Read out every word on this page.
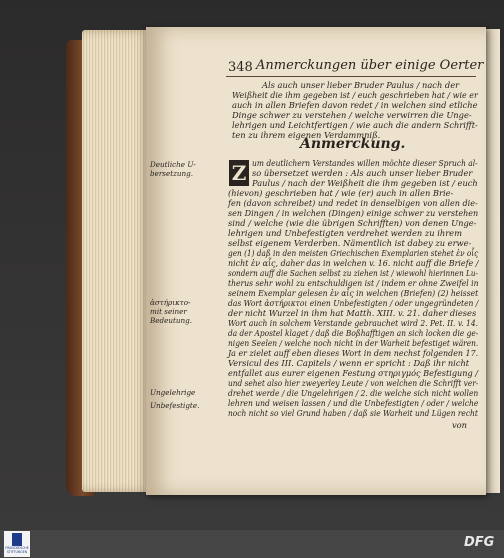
348 Anmerckungen über einige Oerter
Als auch unser lieber Bruder Paulus / nach der
Weißheit die ihm gegeben ist / euch geschrieben hat / wie er
auch in allen Briefen davon redet / in welchen sind etliche
Dinge schwer zu verstehen / welche verwirren die Unge-
lehrigen und Leichtfertigen / wie auch die andern Schrifft-
ten zu ihrem eigenen Verdammniß.
Anmerckung.
Z um deutlichern Verstandes willen möchte dieser Spruch al-
so übersetzet werden : Als auch unser lieber Bruder
Paulus / nach der Weißheit die ihm gegeben ist / euch
(hievon) geschrieben hat / wie (er) auch in allen Brie-
fen (davon schreibet) und redet in denselbigen von allen die-
sen Dingen / in welchen (Dingen) einige schwer zu verstehen
sind / welche (wie die übrigen Schrifften) von denen Unge-
lehrigen und Unbefestigten verdrehet werden zu ihrem
selbst eigenem Verderben. Nämentlich ist dabey zu erwe-
gen (1) daß in den meisten Griechischen Exemplarien stehet ἐν οἷς
nicht ἐν αἷς, daher das in welchen v. 16. nicht auff die Briefe /
sondern auff die Sachen selbst zu ziehen ist / wiewohl hierinnen Lu-
therus sehr wohl zu entschuldigen ist / indem er ohne Zweifel in
seinem Exemplar gelesen ἐν αἷς in welchen (Briefen) (2) heisset
das Wort ἀστήρικτοι einen Unbefestigten / oder ungegründeten /
der nicht Wurzel in ihm hat Matth. XIII. v. 21. daher dieses
Wort auch in solchem Verstande gebrauchet wird 2. Pet. II. v. 14.
da der Apostel klaget / daß die Boßhafftigen an sich locken die ge-
nigen Seelen / welche noch nicht in der Warheit befestiget wären.
Ja er zielet auff eben dieses Wort in dem nechst folgenden 17.
Versicul des III. Capitels / wenn er spricht : Daß ihr nicht
entfallet aus eurer eigenen Festung στηριγμός Befestigung /
und sehet also hier zweyerley Leute / von welchen die Schrifft ver-
drehet werde / die Ungelehrigen / 2. die welche sich nicht wollen
lehren und weisen lassen / und die Unbefestigten / oder / welche
noch nicht so viel Grund haben / daß sie Warheit und Lügen recht
von
Deutliche U-
bersetzung.
ἀστήρικτο-
mit seiner
Bedeutung.
Ungelehrige
Unbefestigte.
FRANCKESCHE STIFTUNGEN
DFG
